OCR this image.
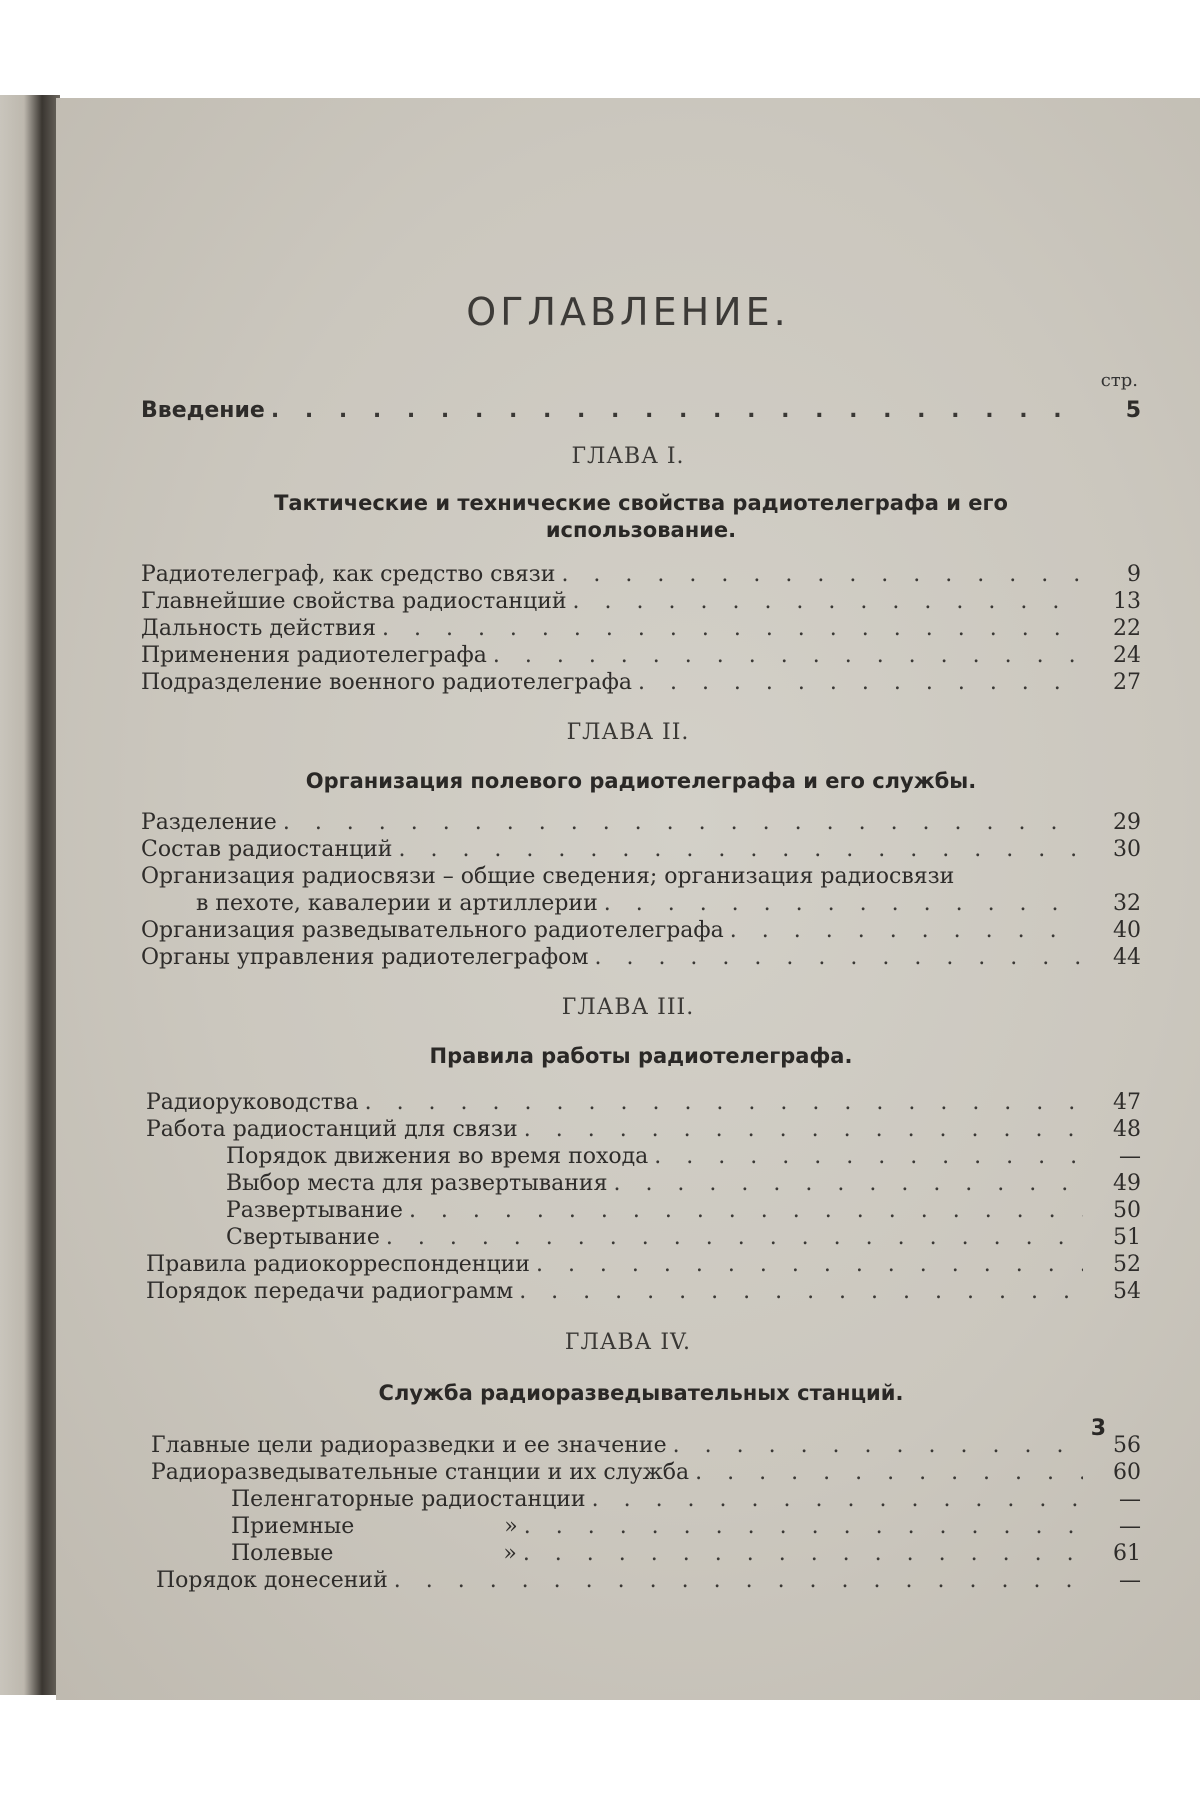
ОГЛАВЛЕНИЕ.
стр.
Введение . . .	5
ГЛАВА I.
Тактические и технические свойства радиотелеграфа и его
использование.
Радиотелеграф, как средство связи . . .	9
Главнейшие свойства радиостанций . . .	13
Дальность действия . . .	22
Применения радиотелеграфа . . .	24
Подразделение военного радиотелеграфа . . .	27
ГЛАВА II.
Организация полевого радиотелеграфа и его службы.
Разделение . . .	29
Состав радиостанций . . .	30
Организация радиосвязи – общие сведения; организация радиосвязи
в пехоте, кавалерии и артиллерии . . .	32
Организация разведывательного радиотелеграфа . . .	40
Органы управления радиотелеграфом . . .	44
ГЛАВА III.
Правила работы радиотелеграфа.
Радиоруководства . . .	47
Работа радиостанций для связи . . .	48
Порядок движения во время похода . . .	—
Выбор места для развертывания . . .	49
Развертывание . . .	50
Свертывание . . .	51
Правила радиокорреспонденции . . .	52
Порядок передачи радиограмм . . .	54
ГЛАВА IV.
Служба радиоразведывательных станций.
Главные цели радиоразведки и ее значение . . .	56
Радиоразведывательные станции и их служба . . .	60
Пеленгаторные радиостанции . . .	—
Приемные	» . . .	—
Полевые	» . . .	61
Порядок донесений . . .	—
3
